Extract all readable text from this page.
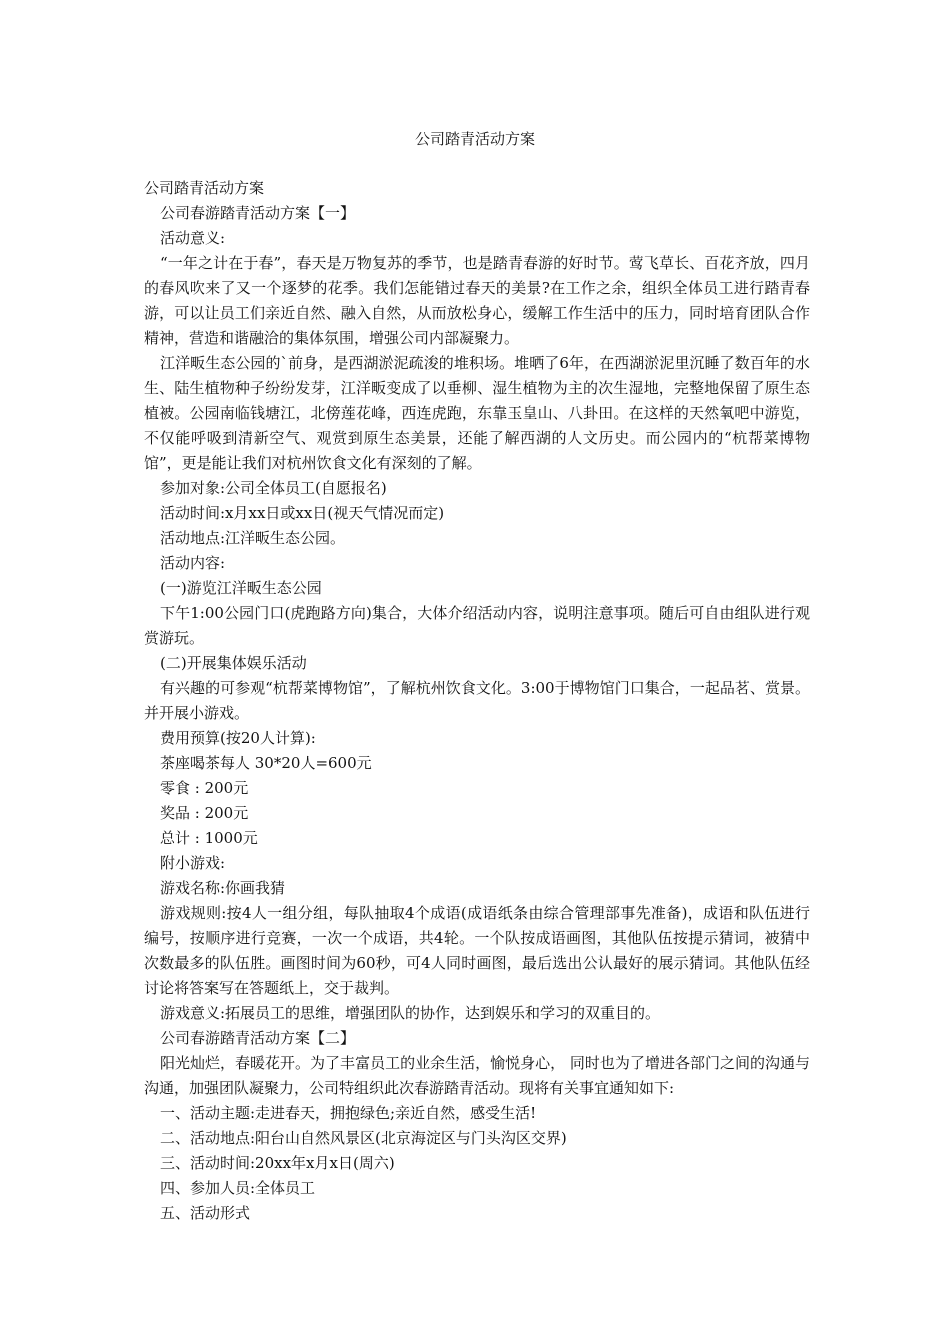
公司踏青活动方案

公司踏青活动方案

公司春游踏青活动方案【一】

活动意义:

“一年之计在于春”，春天是万物复苏的季节，也是踏青春游的好时节。莺飞草长、百花齐放，四月的春风吹来了又一个逐梦的花季。我们怎能错过春天的美景?在工作之余，组织全体员工进行踏青春游，可以让员工们亲近自然、融入自然，从而放松身心，缓解工作生活中的压力，同时培育团队合作精神，营造和谐融洽的集体氛围，增强公司内部凝聚力。

江洋畈生态公园的`前身，是西湖淤泥疏浚的堆积场。堆晒了6年，在西湖淤泥里沉睡了数百年的水生、陆生植物种子纷纷发芽，江洋畈变成了以垂柳、湿生植物为主的次生湿地，完整地保留了原生态植被。公园南临钱塘江，北傍莲花峰，西连虎跑，东靠玉皇山、八卦田。在这样的天然氧吧中游览，不仅能呼吸到清新空气、观赏到原生态美景，还能了解西湖的人文历史。而公园内的“杭帮菜博物馆”，更是能让我们对杭州饮食文化有深刻的了解。

参加对象:公司全体员工(自愿报名)

活动时间:x月xx日或xx日(视天气情况而定)

活动地点:江洋畈生态公园。

活动内容:

(一)游览江洋畈生态公园

下午1:00公园门口(虎跑路方向)集合，大体介绍活动内容，说明注意事项。随后可自由组队进行观赏游玩。

(二)开展集体娱乐活动

有兴趣的可参观“杭帮菜博物馆”，了解杭州饮食文化。3:00于博物馆门口集合，一起品茗、赏景。并开展小游戏。

费用预算(按20人计算):

茶座喝茶每人 30*20人=600元

零食 : 200元

奖品 : 200元

总计 : 1000元

附小游戏:

游戏名称:你画我猜

游戏规则:按4人一组分组，每队抽取4个成语(成语纸条由综合管理部事先准备)，成语和队伍进行编号，按顺序进行竞赛，一次一个成语，共4轮。一个队按成语画图，其他队伍按提示猜词，被猜中次数最多的队伍胜。画图时间为60秒，可4人同时画图，最后选出公认最好的展示猜词。其他队伍经讨论将答案写在答题纸上，交于裁判。

游戏意义:拓展员工的思维，增强团队的协作，达到娱乐和学习的双重目的。

公司春游踏青活动方案【二】

阳光灿烂，春暖花开。为了丰富员工的业余生活，愉悦身心， 同时也为了增进各部门之间的沟通与沟通，加强团队凝聚力，公司特组织此次春游踏青活动。现将有关事宜通知如下:

一、活动主题:走进春天，拥抱绿色;亲近自然，感受生活!

二、活动地点:阳台山自然风景区(北京海淀区与门头沟区交界)

三、活动时间:20xx年x月x日(周六)

四、参加人员:全体员工

五、活动形式
